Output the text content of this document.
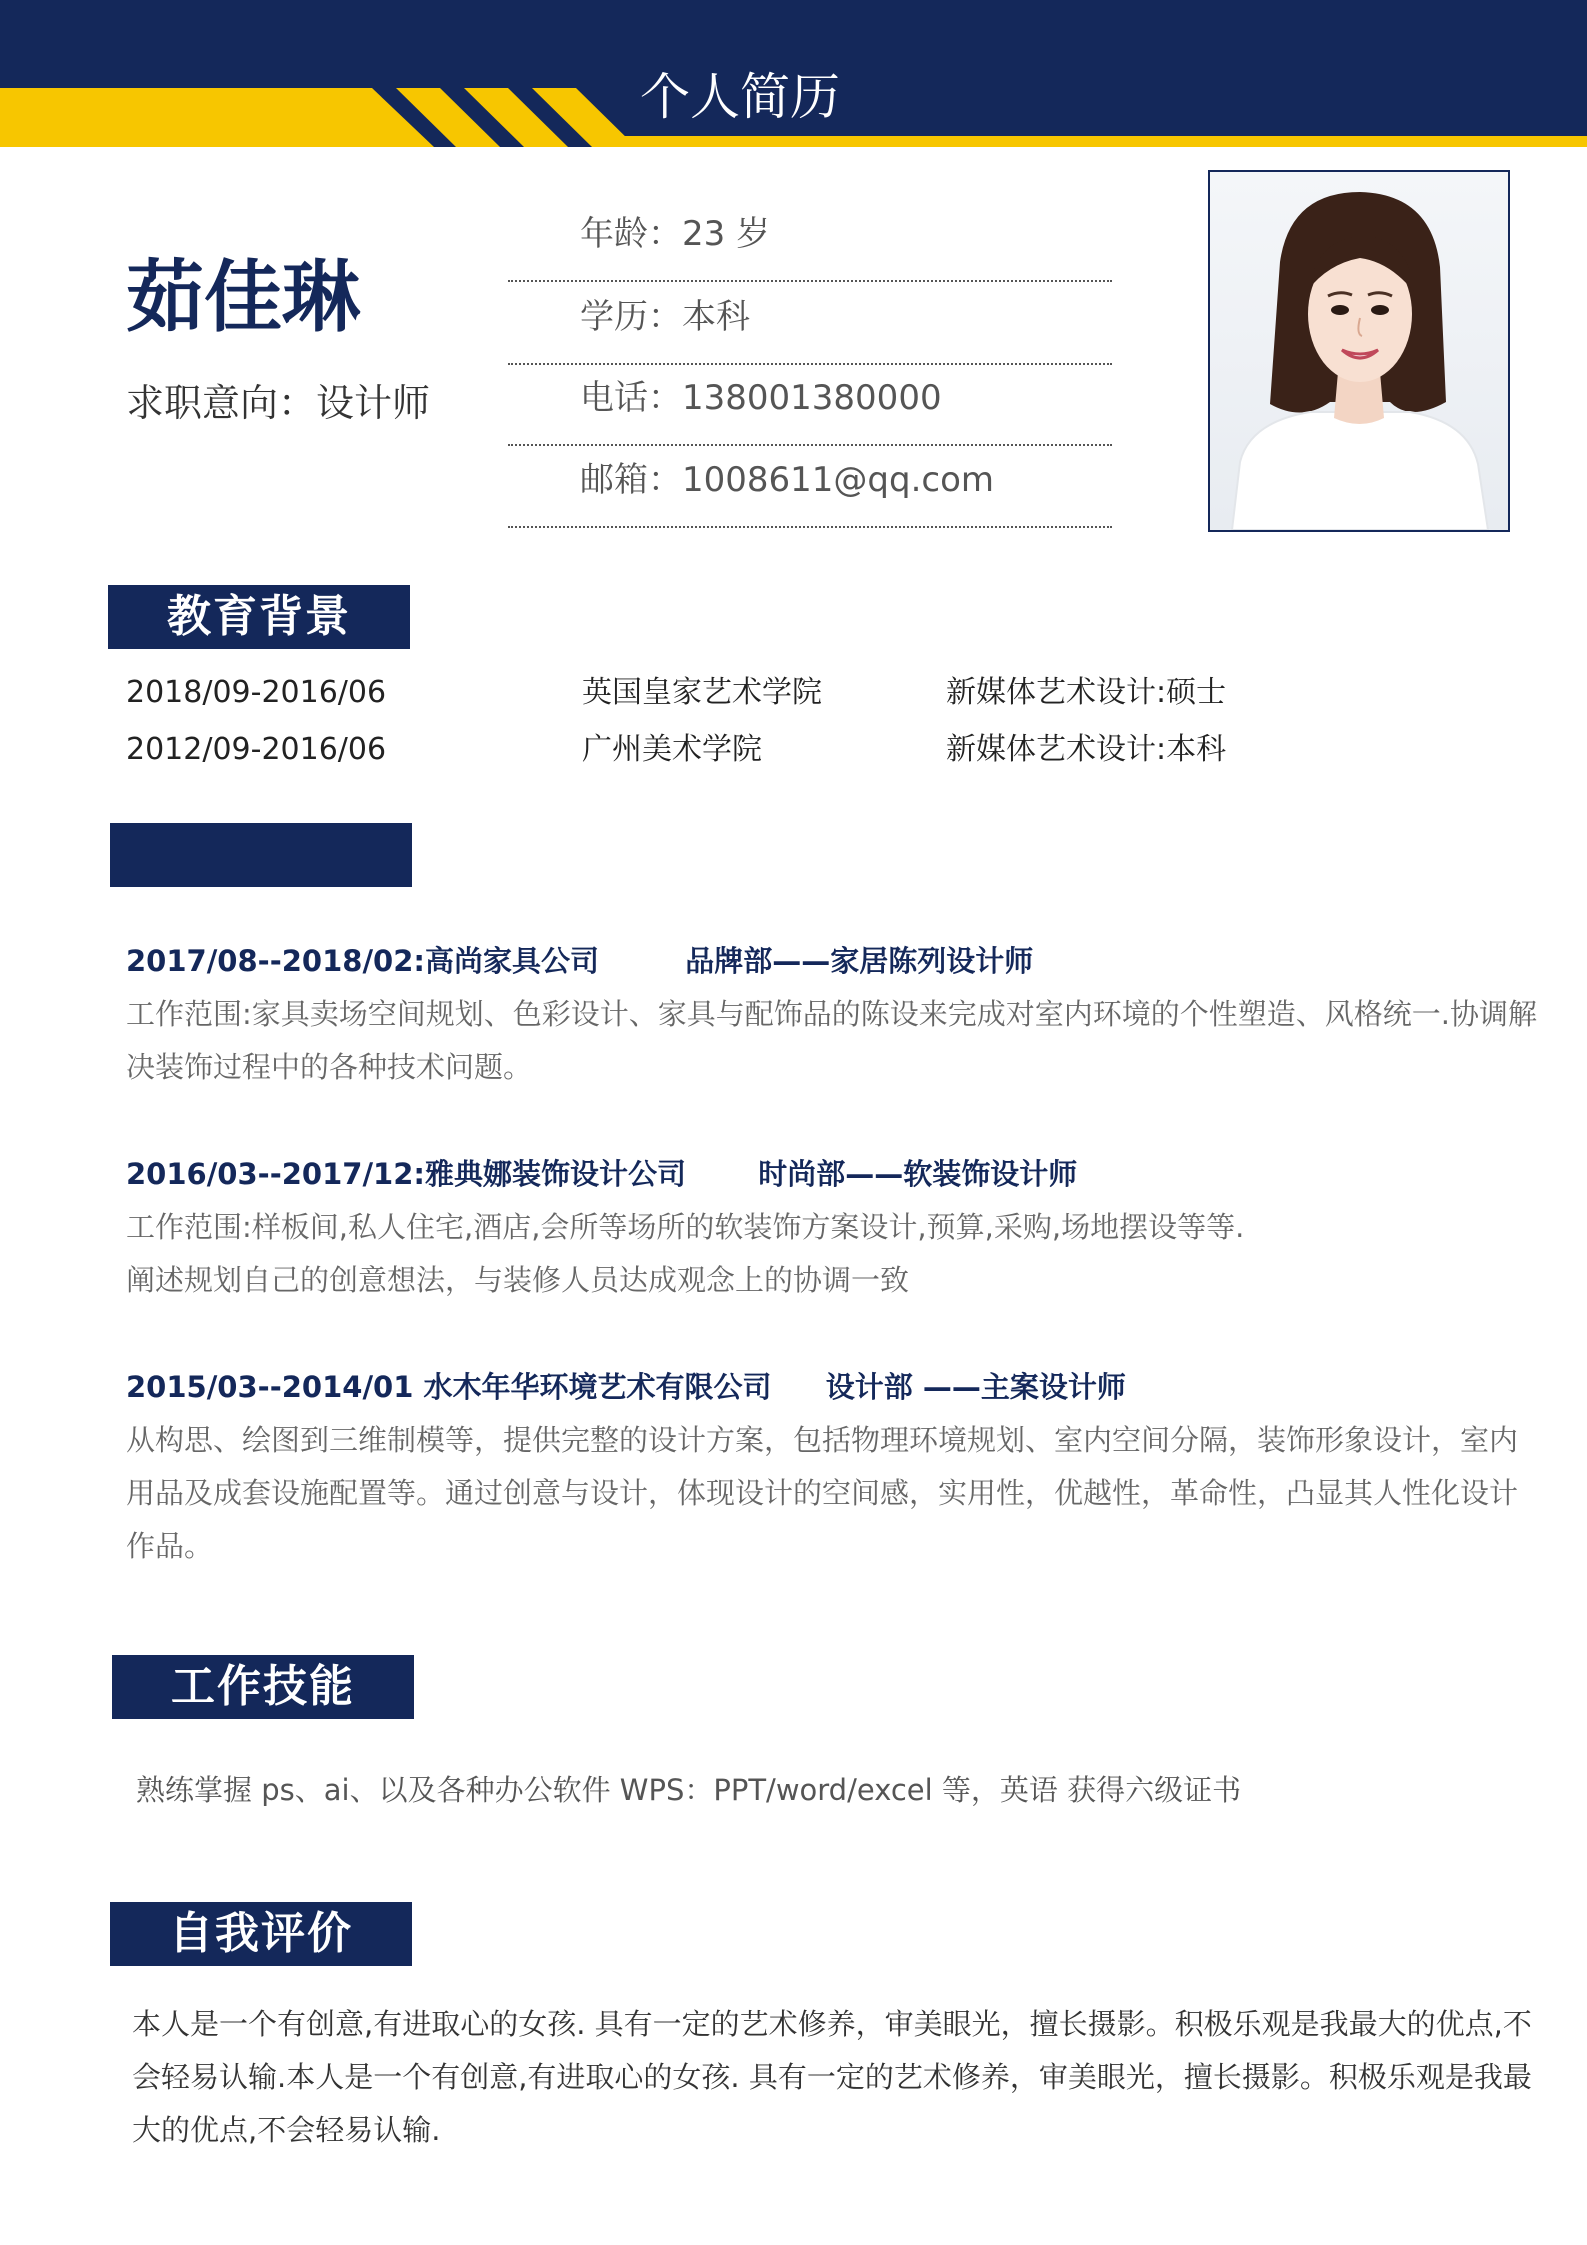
个人简历
茹佳琳
求职意向：设计师
年龄：23 岁
学历：本科
电话：138001380000
邮箱：1008611@qq.com
教育背景
2018/09-2016/06	英国皇家艺术学院	新媒体艺术设计:硕士
2012/09-2016/06	广州美术学院	新媒体艺术设计:本科
2017/08--2018/02:高尚家具公司	品牌部——家居陈列设计师
工作范围:家具卖场空间规划、色彩设计、家具与配饰品的陈设来完成对室内环境的个性塑造、风格统一.协调解
决装饰过程中的各种技术问题。
2016/03--2017/12:雅典娜装饰设计公司 时尚部——软装饰设计师
工作范围:样板间,私人住宅,酒店,会所等场所的软装饰方案设计,预算,采购,场地摆设等等.
阐述规划自己的创意想法，与装修人员达成观念上的协调一致
2015/03--2014/01 水木年华环境艺术有限公司 设计部 ——主案设计师
从构思、绘图到三维制模等，提供完整的设计方案，包括物理环境规划、室内空间分隔，装饰形象设计，室内
用品及成套设施配置等。通过创意与设计，体现设计的空间感，实用性，优越性，革命性，凸显其人性化设计
作品。
工作技能
熟练掌握 ps、ai、以及各种办公软件 WPS：PPT/word/excel 等，英语 获得六级证书
自我评价
本人是一个有创意,有进取心的女孩. 具有一定的艺术修养，审美眼光，擅长摄影。积极乐观是我最大的优点,不
会轻易认输.本人是一个有创意,有进取心的女孩. 具有一定的艺术修养，审美眼光，擅长摄影。积极乐观是我最
大的优点,不会轻易认输.
